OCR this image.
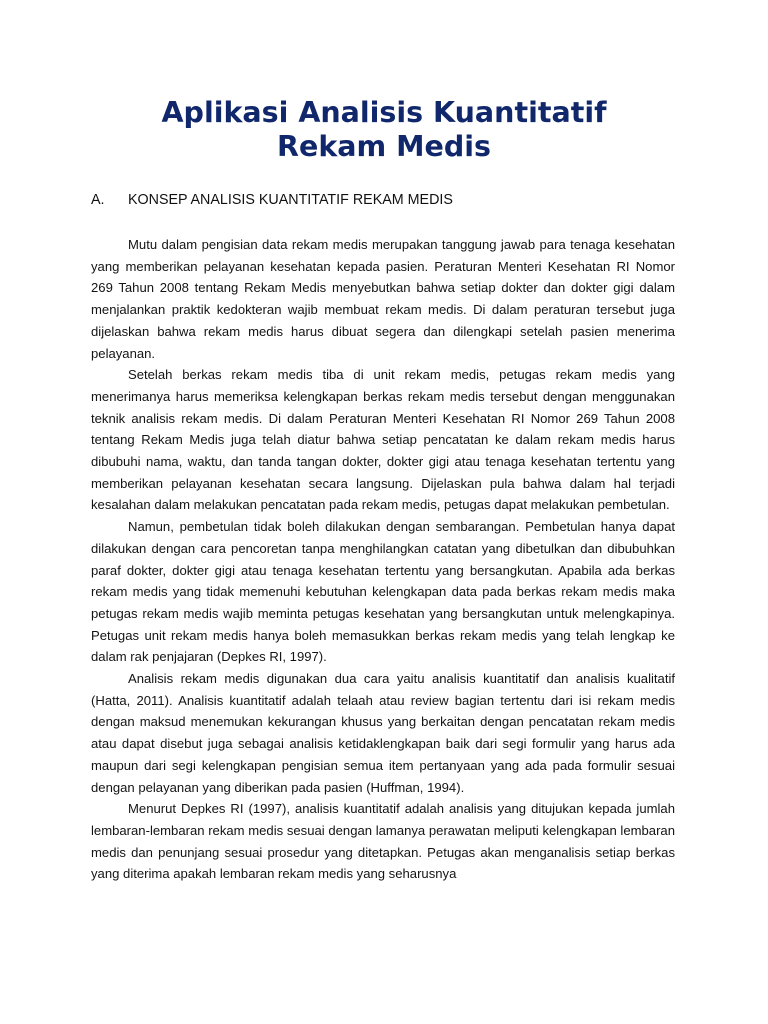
Aplikasi Analisis Kuantitatif
Rekam Medis
A. KONSEP ANALISIS KUANTITATIF REKAM MEDIS

Mutu dalam pengisian data rekam medis merupakan tanggung jawab para tenaga kesehatan yang memberikan pelayanan kesehatan kepada pasien. Peraturan Menteri Kesehatan RI Nomor 269 Tahun 2008 tentang Rekam Medis menyebutkan bahwa setiap dokter dan dokter gigi dalam menjalankan praktik kedokteran wajib membuat rekam medis. Di dalam peraturan tersebut juga dijelaskan bahwa rekam medis harus dibuat segera dan dilengkapi setelah pasien menerima pelayanan.

Setelah berkas rekam medis tiba di unit rekam medis, petugas rekam medis yang menerimanya harus memeriksa kelengkapan berkas rekam medis tersebut dengan menggunakan teknik analisis rekam medis. Di dalam Peraturan Menteri Kesehatan RI Nomor 269 Tahun 2008 tentang Rekam Medis juga telah diatur bahwa setiap pencatatan ke dalam rekam medis harus dibubuhi nama, waktu, dan tanda tangan dokter, dokter gigi atau tenaga kesehatan tertentu yang memberikan pelayanan kesehatan secara langsung. Dijelaskan pula bahwa dalam hal terjadi kesalahan dalam melakukan pencatatan pada rekam medis, petugas dapat melakukan pembetulan.

Namun, pembetulan tidak boleh dilakukan dengan sembarangan. Pembetulan hanya dapat dilakukan dengan cara pencoretan tanpa menghilangkan catatan yang dibetulkan dan dibubuhkan paraf dokter, dokter gigi atau tenaga kesehatan tertentu yang bersangkutan. Apabila ada berkas rekam medis yang tidak memenuhi kebutuhan kelengkapan data pada berkas rekam medis maka petugas rekam medis wajib meminta petugas kesehatan yang bersangkutan untuk melengkapinya. Petugas unit rekam medis hanya boleh memasukkan berkas rekam medis yang telah lengkap ke dalam rak penjajaran (Depkes RI, 1997).

Analisis rekam medis digunakan dua cara yaitu analisis kuantitatif dan analisis kualitatif (Hatta, 2011). Analisis kuantitatif adalah telaah atau review bagian tertentu dari isi rekam medis dengan maksud menemukan kekurangan khusus yang berkaitan dengan pencatatan rekam medis atau dapat disebut juga sebagai analisis ketidaklengkapan baik dari segi formulir yang harus ada maupun dari segi kelengkapan pengisian semua item pertanyaan yang ada pada formulir sesuai dengan pelayanan yang diberikan pada pasien (Huffman, 1994).

Menurut Depkes RI (1997), analisis kuantitatif adalah analisis yang ditujukan kepada jumlah lembaran-lembaran rekam medis sesuai dengan lamanya perawatan meliputi kelengkapan lembaran medis dan penunjang sesuai prosedur yang ditetapkan. Petugas akan menganalisis setiap berkas yang diterima apakah lembaran rekam medis yang seharusnya
